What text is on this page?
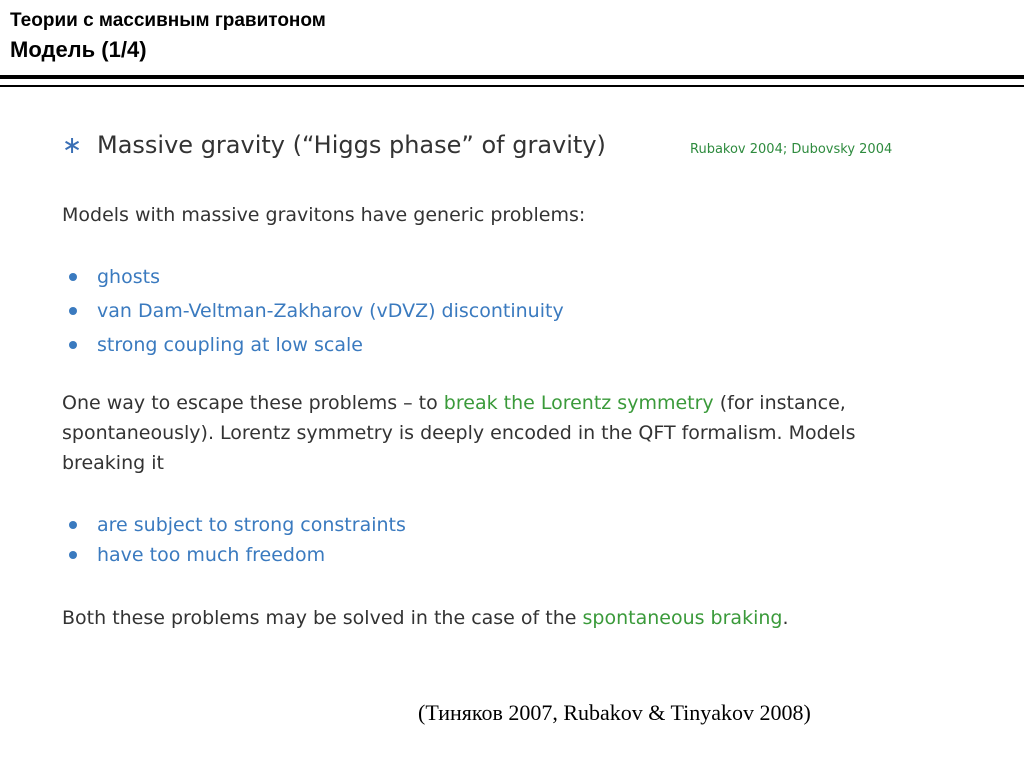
Теории с массивным гравитоном
Модель (1/4)
∗ Massive gravity (“Higgs phase” of gravity)	Rubakov 2004; Dubovsky 2004
Models with massive gravitons have generic problems:
ghosts
van Dam-Veltman-Zakharov (vDVZ) discontinuity
strong coupling at low scale
One way to escape these problems – to break the Lorentz symmetry (for instance,
spontaneously). Lorentz symmetry is deeply encoded in the QFT formalism. Models
breaking it
are subject to strong constraints
have too much freedom
Both these problems may be solved in the case of the spontaneous braking.
(Тиняков 2007, Rubakov & Tinyakov 2008)
